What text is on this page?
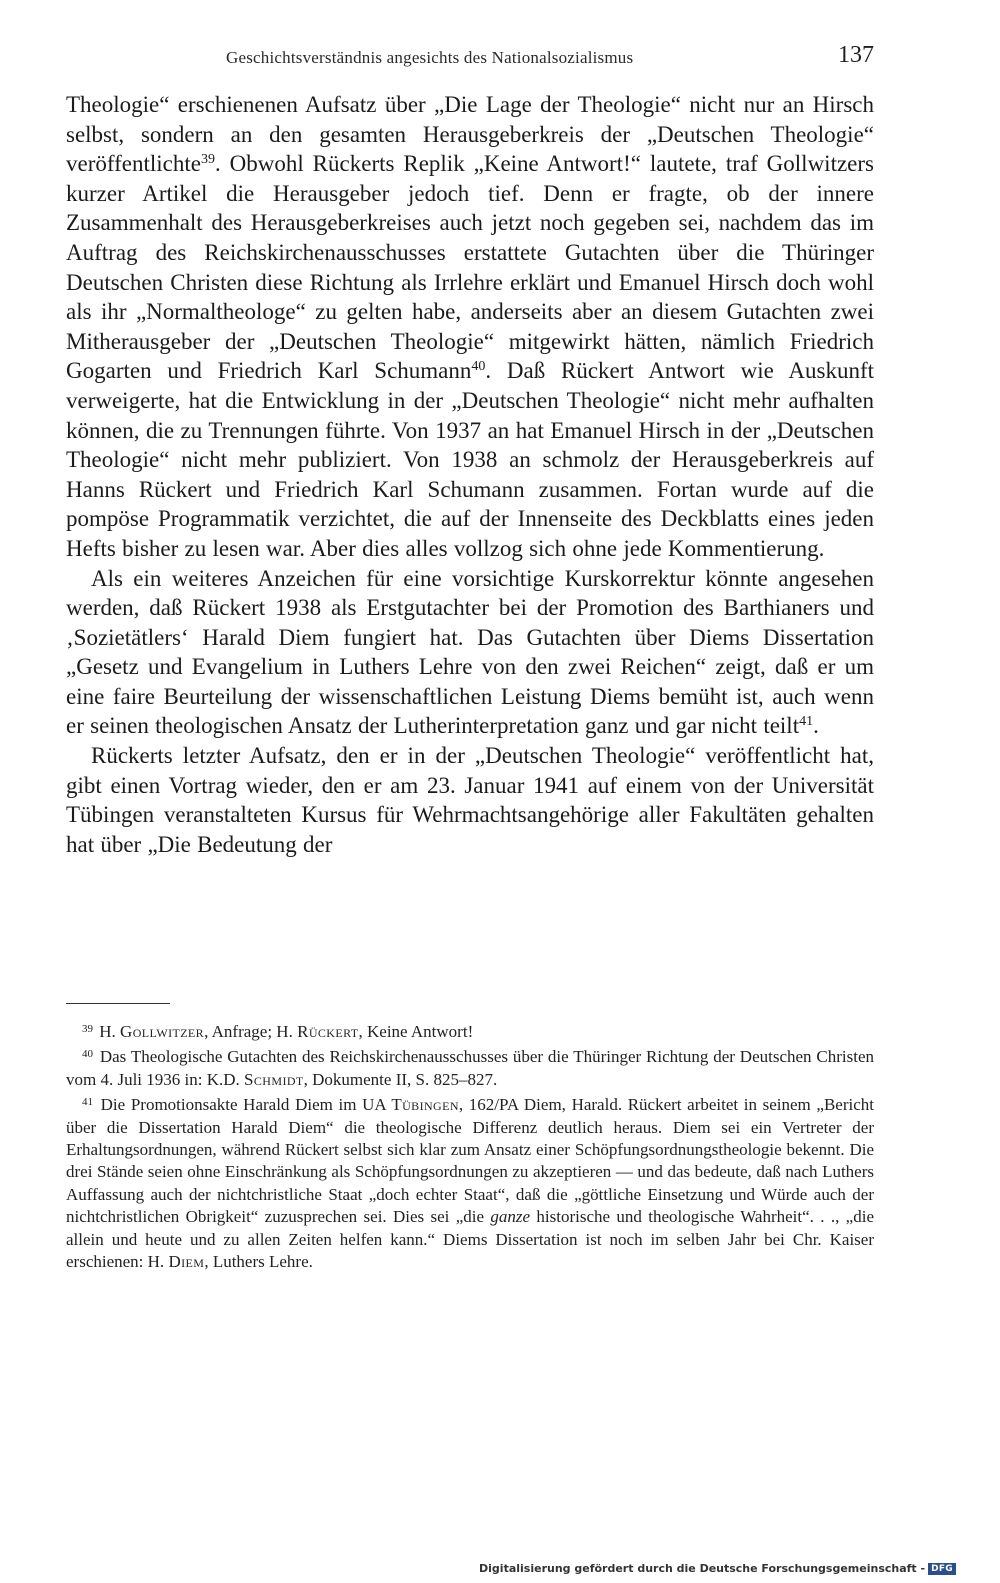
Geschichtsverständnis angesichts des Nationalsozialismus	137

Theologie“ erschienenen Aufsatz über „Die Lage der Theologie“ nicht nur an Hirsch selbst, sondern an den gesamten Herausgeberkreis der „Deutschen Theologie“ veröffentlichte$^{39}$. Obwohl Rückerts Replik „Keine Antwort!“ lautete, traf Gollwitzers kurzer Artikel die Herausgeber jedoch tief. Denn er fragte, ob der innere Zusammenhalt des Herausgeberkreises auch jetzt noch gegeben sei, nachdem das im Auftrag des Reichskirchenausschusses erstattete Gutachten über die Thüringer Deutschen Christen diese Richtung als Irrlehre erklärt und Emanuel Hirsch doch wohl als ihr „Normaltheologe“ zu gelten habe, anderseits aber an diesem Gutachten zwei Mitherausgeber der „Deutschen Theologie“ mitgewirkt hätten, nämlich Friedrich Gogarten und Friedrich Karl Schumann$^{40}$. Daß Rückert Antwort wie Auskunft verweigerte, hat die Entwicklung in der „Deutschen Theologie“ nicht mehr aufhalten können, die zu Trennungen führte. Von 1937 an hat Emanuel Hirsch in der „Deutschen Theologie“ nicht mehr publiziert. Von 1938 an schmolz der Herausgeberkreis auf Hanns Rückert und Friedrich Karl Schumann zusammen. Fortan wurde auf die pompöse Programmatik verzichtet, die auf der Innenseite des Deckblatts eines jeden Hefts bisher zu lesen war. Aber dies alles vollzog sich ohne jede Kommentierung.

Als ein weiteres Anzeichen für eine vorsichtige Kurskorrektur könnte angesehen werden, daß Rückert 1938 als Erstgutachter bei der Promotion des Barthianers und ‚Sozietätlers‘ Harald Diem fungiert hat. Das Gutachten über Diems Dissertation „Gesetz und Evangelium in Luthers Lehre von den zwei Reichen“ zeigt, daß er um eine faire Beurteilung der wissenschaftlichen Leistung Diems bemüht ist, auch wenn er seinen theologischen Ansatz der Lutherinterpretation ganz und gar nicht teilt$^{41}$.

Rückerts letzter Aufsatz, den er in der „Deutschen Theologie“ veröffentlicht hat, gibt einen Vortrag wieder, den er am 23. Januar 1941 auf einem von der Universität Tübingen veranstalteten Kursus für Wehrmachtsangehörige aller Fakultäten gehalten hat über „Die Bedeutung der

$^{39}$ H. Gollwitzer, Anfrage; H. Rückert, Keine Antwort!

$^{40}$ Das Theologische Gutachten des Reichskirchenausschusses über die Thüringer Richtung der Deutschen Christen vom 4. Juli 1936 in: K.D. Schmidt, Dokumente II, S. 825–827.

$^{41}$ Die Promotionsakte Harald Diem im UA Tübingen, 162/PA Diem, Harald. Rückert arbeitet in seinem „Bericht über die Dissertation Harald Diem“ die theologische Differenz deutlich heraus. Diem sei ein Vertreter der Erhaltungsordnungen, während Rückert selbst sich klar zum Ansatz einer Schöpfungsordnungstheologie bekennt. Die drei Stände seien ohne Einschränkung als Schöpfungsordnungen zu akzeptieren — und das bedeute, daß nach Luthers Auffassung auch der nichtchristliche Staat „doch echter Staat“, daß die „göttliche Einsetzung und Würde auch der nichtchristlichen Obrigkeit“ zuzusprechen sei. Dies sei „die ganze historische und theologische Wahrheit“. . ., „die allein und heute und zu allen Zeiten helfen kann.“ Diems Dissertation ist noch im selben Jahr bei Chr. Kaiser erschienen: H. Diem, Luthers Lehre.

Digitalisierung gefördert durch die Deutsche Forschungsgemeinschaft - DFG
